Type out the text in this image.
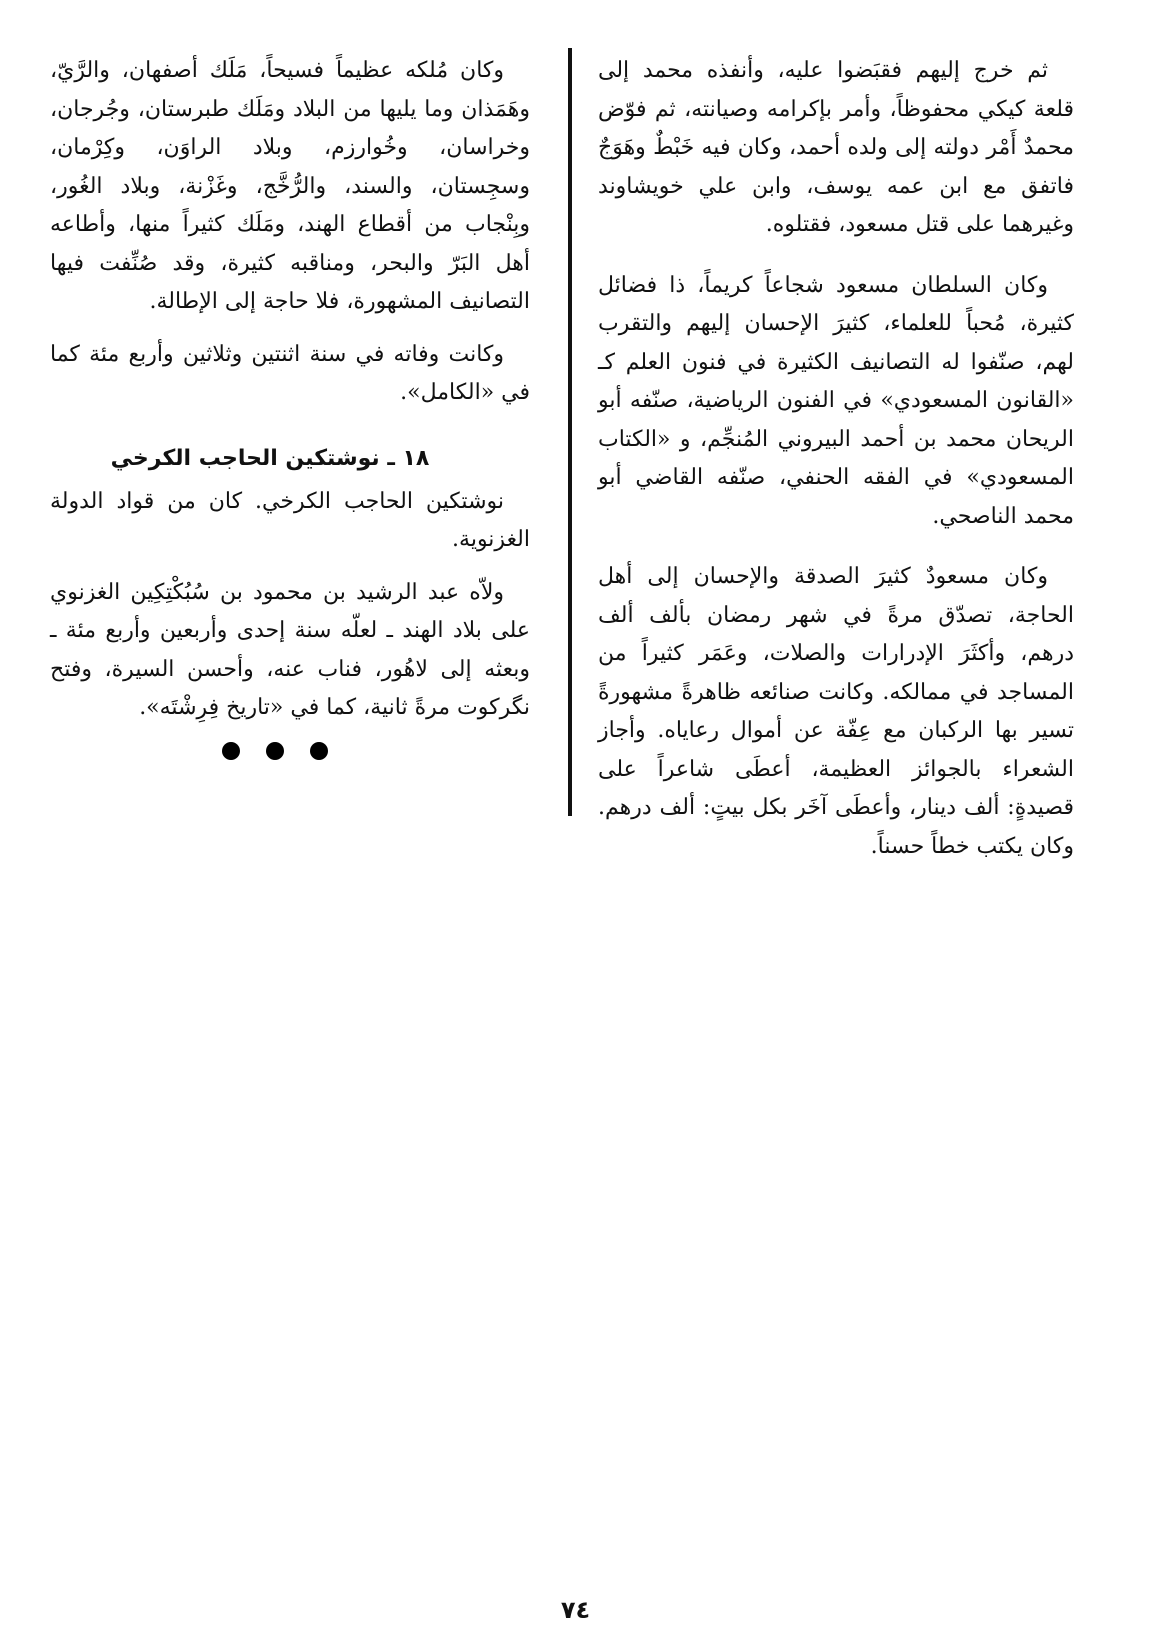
ثم خرج إليهم فقبَضوا عليه، وأنفذه محمد إلى قلعة كيكي محفوظاً، وأمر بإكرامه وصيانته، ثم فوّض محمدٌ أَمْر دولته إلى ولده أحمد، وكان فيه خَبْطٌ وهَوَجٌ فاتفق مع ابن عمه يوسف، وابن علي خويشاوند وغيرهما على قتل مسعود، فقتلوه.

وكان السلطان مسعود شجاعاً كريماً، ذا فضائل كثيرة، مُحباً للعلماء، كثيرَ الإحسان إليهم والتقرب لهم، صنّفوا له التصانيف الكثيرة في فنون العلم كـ «القانون المسعودي» في الفنون الرياضية، صنّفه أبو الريحان محمد بن أحمد البيروني المُنجِّم، و «الكتاب المسعودي» في الفقه الحنفي، صنّفه القاضي أبو محمد الناصحي.

وكان مسعودٌ كثيرَ الصدقة والإحسان إلى أهل الحاجة، تصدّق مرةً في شهر رمضان بألف ألف درهم، وأكثَرَ الإدرارات والصلات، وعَمَر كثيراً من المساجد في ممالكه. وكانت صنائعه ظاهرةً مشهورةً تسير بها الركبان مع عِفّة عن أموال رعاياه. وأجاز الشعراء بالجوائز العظيمة، أعطَى شاعراً على قصيدةٍ: ألف دينار، وأعطَى آخَر بكل بيتٍ: ألف درهم. وكان يكتب خطاً حسناً.

وكان مُلكه عظيماً فسيحاً، مَلَك أصفهان، والرَّيّ، وهَمَذان وما يليها من البلاد ومَلَك طبرستان، وجُرجان، وخراسان، وخُوارزم، وبلاد الراوَن، وكِرْمان، وسجِستان، والسند، والرُّخَّج، وغَزْنة، وبلاد الغُور، وبِنْجاب من أقطاع الهند، ومَلَك كثيراً منها، وأطاعه أهل البَرّ والبحر، ومناقبه كثيرة، وقد صُنِّفت فيها التصانيف المشهورة، فلا حاجة إلى الإطالة.

وكانت وفاته في سنة اثنتين وثلاثين وأربع مئة كما في «الكامل».

١٨ ـ نوشتكين الحاجب الكرخي

نوشتكين الحاجب الكرخي. كان من قواد الدولة الغزنوية.

ولاّه عبد الرشيد بن محمود بن سُبُكْتِكِين الغزنوي على بلاد الهند ـ لعلّه سنة إحدى وأربعين وأربع مئة ـ وبعثه إلى لاهُور، فناب عنه، وأحسن السيرة، وفتح نگركوت مرةً ثانية، كما في «تاريخ فِرِشْتَه».

٧٤
